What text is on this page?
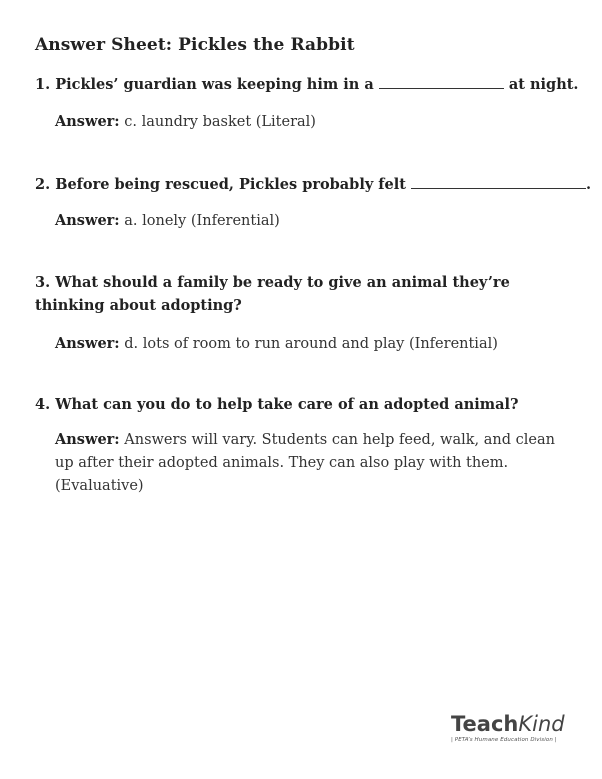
Answer Sheet: Pickles the Rabbit
1. Pickles’ guardian was keeping him in a	at night.
Answer: c. laundry basket (Literal)
2. Before being rescued, Pickles probably felt	.
Answer: a. lonely (Inferential)
3. What should a family be ready to give an animal they’re thinking about adopting?
Answer: d. lots of room to run around and play (Inferential)
4. What can you do to help take care of an adopted animal?
Answer: Answers will vary. Students can help feed, walk, and clean up after their adopted animals. They can also play with them. (Evaluative)
TeachKind
| PETA’s Humane Education Division |
